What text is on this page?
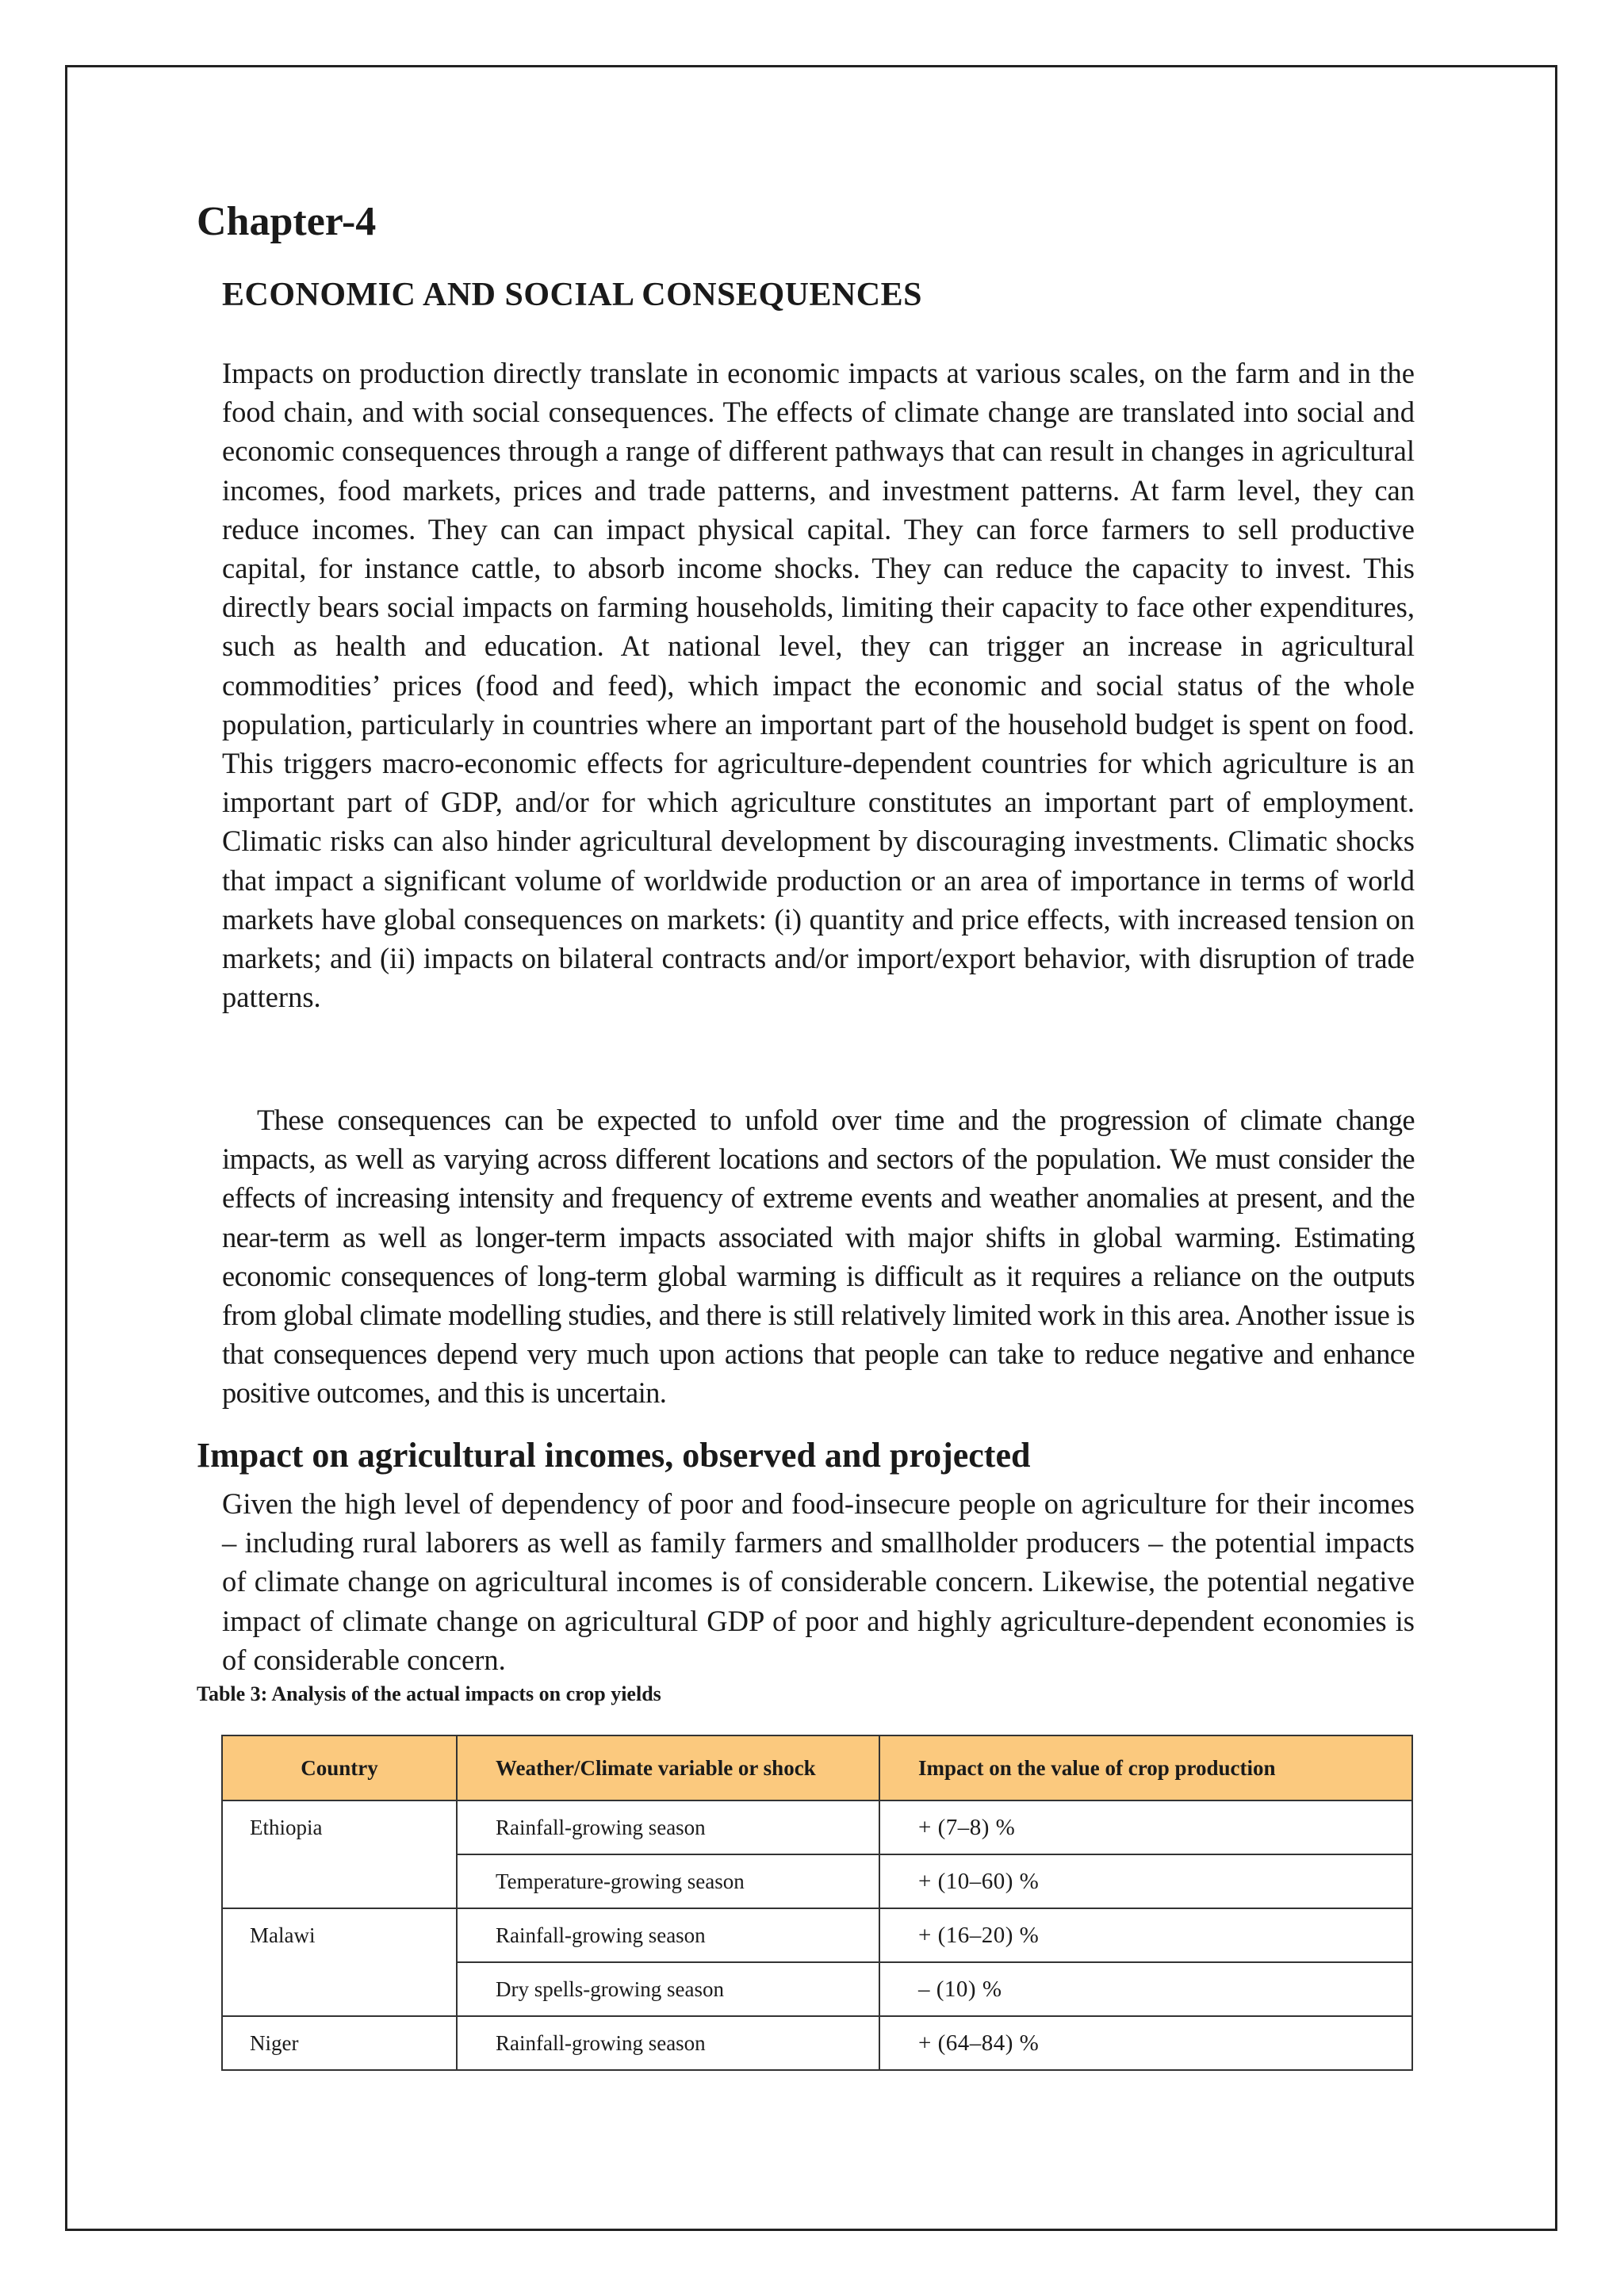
Chapter-4
ECONOMIC AND SOCIAL CONSEQUENCES

Impacts on production directly translate in economic impacts at various scales, on the farm and in the food chain, and with social consequences. The effects of climate change are translated into social and economic consequences through a range of different pathways that can result in changes in agricultural incomes, food markets, prices and trade patterns, and investment patterns. At farm level, they can reduce incomes. They can can impact physical capital. They can force farmers to sell productive capital, for instance cattle, to absorb income shocks. They can reduce the capacity to invest. This directly bears social impacts on farming households, limiting their capacity to face other expenditures, such as health and education. At national level, they can trigger an increase in agricultural commodities’ prices (food and feed), which impact the economic and social status of the whole population, particularly in countries where an important part of the household budget is spent on food. This triggers macro-economic effects for agriculture-dependent countries for which agriculture is an important part of GDP, and/or for which agriculture constitutes an important part of employment. Climatic risks can also hinder agricultural development by discouraging investments. Climatic shocks that impact a significant volume of worldwide production or an area of importance in terms of world markets have global consequences on markets: (i) quantity and price effects, with increased tension on markets; and (ii) impacts on bilateral contracts and/or import/export behavior, with disruption of trade patterns.

These consequences can be expected to unfold over time and the progression of climate change impacts, as well as varying across different locations and sectors of the population. We must consider the effects of increasing intensity and frequency of extreme events and weather anomalies at present, and the near-term as well as longer-term impacts associated with major shifts in global warming. Estimating economic consequences of long-term global warming is difficult as it requires a reliance on the outputs from global climate modelling studies, and there is still relatively limited work in this area. Another issue is that consequences depend very much upon actions that people can take to reduce negative and enhance positive outcomes, and this is uncertain.

Impact on agricultural incomes, observed and projected

Given the high level of dependency of poor and food-insecure people on agriculture for their incomes – including rural laborers as well as family farmers and smallholder producers – the potential impacts of climate change on agricultural incomes is of considerable concern. Likewise, the potential negative impact of climate change on agricultural GDP of poor and highly agriculture-dependent economies is of considerable concern.

Table 3: Analysis of the actual impacts on crop yields

Country	Weather/Climate variable or shock	Impact on the value of crop production
Ethiopia	Rainfall-growing season	+ (7–8) %
	Temperature-growing season	+ (10–60) %
Malawi	Rainfall-growing season	+ (16–20) %
	Dry spells-growing season	– (10) %
Niger	Rainfall-growing season	+ (64–84) %
